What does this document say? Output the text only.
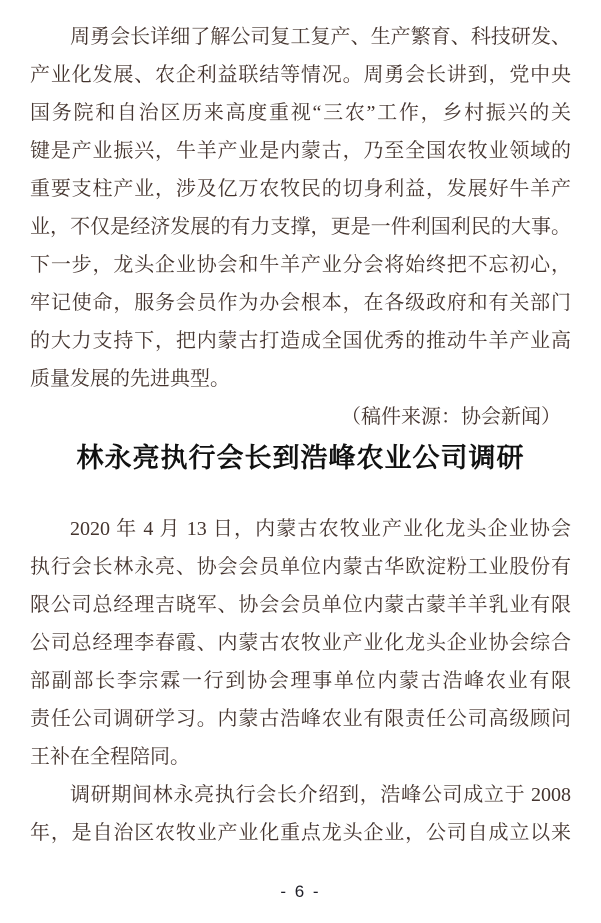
周勇会长详细了解公司复工复产、生产繁育、科技研发、
产业化发展、农企利益联结等情况。周勇会长讲到，党中央
国务院和自治区历来高度重视“三农”工作，乡村振兴的关
键是产业振兴，牛羊产业是内蒙古，乃至全国农牧业领域的
重要支柱产业，涉及亿万农牧民的切身利益，发展好牛羊产
业，不仅是经济发展的有力支撑，更是一件利国利民的大事。
下一步，龙头企业协会和牛羊产业分会将始终把不忘初心，
牢记使命，服务会员作为办会根本，在各级政府和有关部门
的大力支持下，把内蒙古打造成全国优秀的推动牛羊产业高
质量发展的先进典型。
（稿件来源：协会新闻）
林永亮执行会长到浩峰农业公司调研
2020 年 4 月 13 日，内蒙古农牧业产业化龙头企业协会
执行会长林永亮、协会会员单位内蒙古华欧淀粉工业股份有
限公司总经理吉晓军、协会会员单位内蒙古蒙羊羊乳业有限
公司总经理李春霞、内蒙古农牧业产业化龙头企业协会综合
部副部长李宗霖一行到协会理事单位内蒙古浩峰农业有限
责任公司调研学习。内蒙古浩峰农业有限责任公司高级顾问
王补在全程陪同。
调研期间林永亮执行会长介绍到，浩峰公司成立于 2008
年，是自治区农牧业产业化重点龙头企业，公司自成立以来
- 6 -
